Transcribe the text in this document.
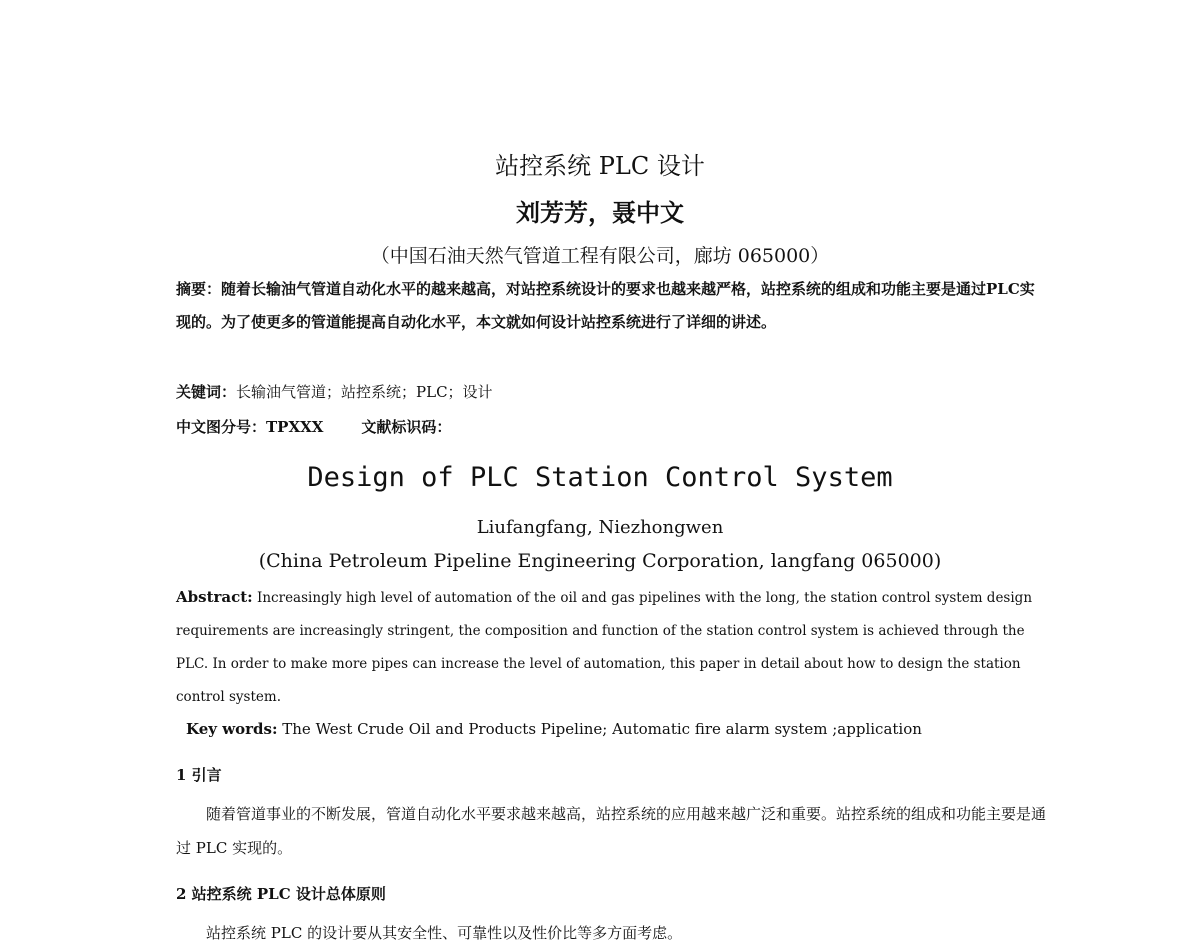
站控系统 PLC 设计
刘芳芳，聂中文
（中国石油天然气管道工程有限公司，廊坊 065000）

摘要：随着长输油气管道自动化水平的越来越高，对站控系统设计的要求也越来越严格，站控系统的组成和功能主要是通过PLC实现的。为了使更多的管道能提高自动化水平，本文就如何设计站控系统进行了详细的讲述。

关键词：长输油气管道；站控系统；PLC；设计
中文图分号：TPXXX	文献标识码：
Design of PLC Station Control System
Liufangfang, Niezhongwen
(China Petroleum Pipeline Engineering Corporation, langfang 065000)

Abstract: Increasingly high level of automation of the oil and gas pipelines with the long, the station control system design requirements are increasingly stringent, the composition and function of the station control system is achieved through the PLC. In order to make more pipes can increase the level of automation, this paper in detail about how to design the station control system.

Key words: The West Crude Oil and Products Pipeline; Automatic fire alarm system ;application
1 引言

随着管道事业的不断发展，管道自动化水平要求越来越高，站控系统的应用越来越广泛和重要。站控系统的组成和功能主要是通过 PLC 实现的。

2 站控系统 PLC 设计总体原则

站控系统 PLC 的设计要从其安全性、可靠性以及性价比等多方面考虑。
